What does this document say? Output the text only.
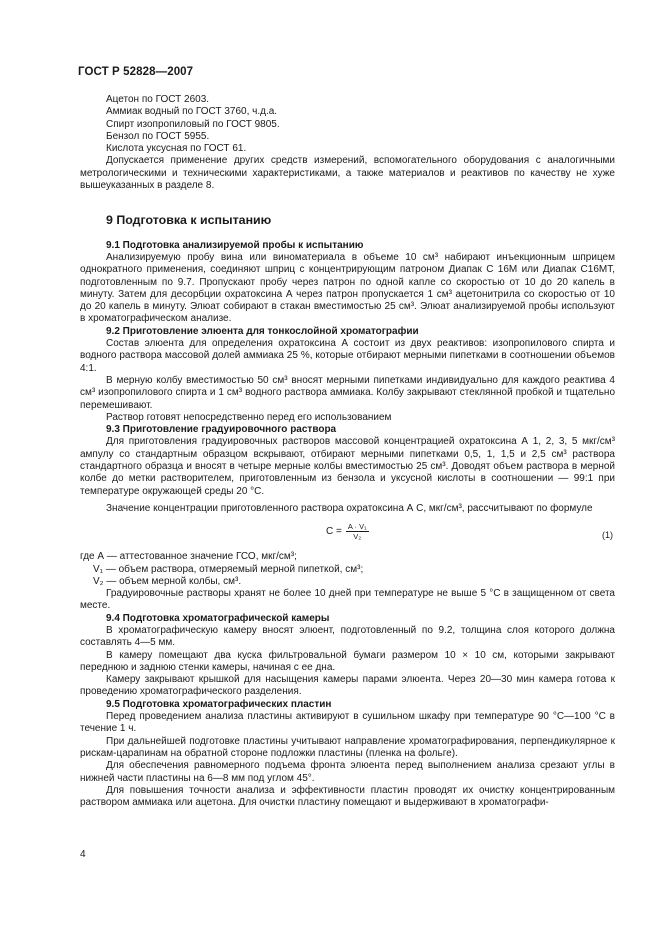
ГОСТ Р 52828—2007

Ацетон по ГОСТ 2603.

Аммиак водный по ГОСТ 3760, ч.д.а.

Спирт изопропиловый по ГОСТ 9805.

Бензол по ГОСТ 5955.

Кислота уксусная по ГОСТ 61.

Допускается применение других средств измерений, вспомогательного оборудования с аналогичными метрологическими и техническими характеристиками, а также материалов и реактивов по качеству не хуже вышеуказанных в разделе 8.

9 Подготовка к испытанию

9.1 Подготовка анализируемой пробы к испытанию

Анализируемую пробу вина или виноматериала в объеме 10 см³ набирают инъекционным шприцем однократного применения, соединяют шприц с концентрирующим патроном Диапак С 16М или Диапак С16МТ, подготовленным по 9.7. Пропускают пробу через патрон по одной капле со скоростью от 10 до 20 капель в минуту. Затем для десорбции охратоксина А через патрон пропускается 1 см³ ацетонитрила со скоростью от 10 до 20 капель в минуту. Элюат собирают в стакан вместимостью 25 см³. Элюат анализируемой пробы используют в хроматографическом анализе.

9.2 Приготовление элюента для тонкослойной хроматографии

Состав элюента для определения охратоксина А состоит из двух реактивов: изопропилового спирта и водного раствора массовой долей аммиака 25 %, которые отбирают мерными пипетками в соотношении объемов 4:1.

В мерную колбу вместимостью 50 см³ вносят мерными пипетками индивидуально для каждого реактива 4 см³ изопропилового спирта и 1 см³ водного раствора аммиака. Колбу закрывают стеклянной пробкой и тщательно перемешивают.

Раствор готовят непосредственно перед его использованием

9.3 Приготовление градуировочного раствора

Для приготовления градуировочных растворов массовой концентрацией охратоксина А 1, 2, 3, 5 мкг/см³ ампулу со стандартным образцом вскрывают, отбирают мерными пипетками 0,5, 1, 1,5 и 2,5 см³ раствора стандартного образца и вносят в четыре мерные колбы вместимостью 25 см³. Доводят объем раствора в мерной колбе до метки растворителем, приготовленным из бензола и уксусной кислоты в соотношении — 99:1 при температуре окружающей среды 20 °С.

Значение концентрации приготовленного раствора охратоксина А С, мкг/см³, рассчитывают по формуле

$C = \frac{\text{A · V₁}}{\text{V₂}}$	(1)

где А — аттестованное значение ГСО, мкг/см³;

V₁ — объем раствора, отмеряемый мерной пипеткой, см³;

V₂ — объем мерной колбы, см³.

Градуировочные растворы хранят не более 10 дней при температуре не выше 5 °С в защищенном от света месте.

9.4 Подготовка хроматографической камеры

В хроматографическую камеру вносят элюент, подготовленный по 9.2, толщина слоя которого должна составлять 4—5 мм.

В камеру помещают два куска фильтровальной бумаги размером 10 × 10 см, которыми закрывают переднюю и заднюю стенки камеры, начиная с ее дна.

Камеру закрывают крышкой для насыщения камеры парами элюента. Через 20—30 мин камера готова к проведению хроматографического разделения.

9.5 Подготовка хроматографических пластин

Перед проведением анализа пластины активируют в сушильном шкафу при температуре 90 °С—100 °С в течение 1 ч.

При дальнейшей подготовке пластины учитывают направление хроматографирования, перпендикулярное к рискам-царапинам на обратной стороне подложки пластины (пленка на фольге).

Для обеспечения равномерного подъема фронта элюента перед выполнением анализа срезают углы в нижней части пластины на 6—8 мм под углом 45°.

Для повышения точности анализа и эффективности пластин проводят их очистку концентрированным раствором аммиака или ацетона. Для очистки пластину помещают и выдерживают в хроматографи-

4
